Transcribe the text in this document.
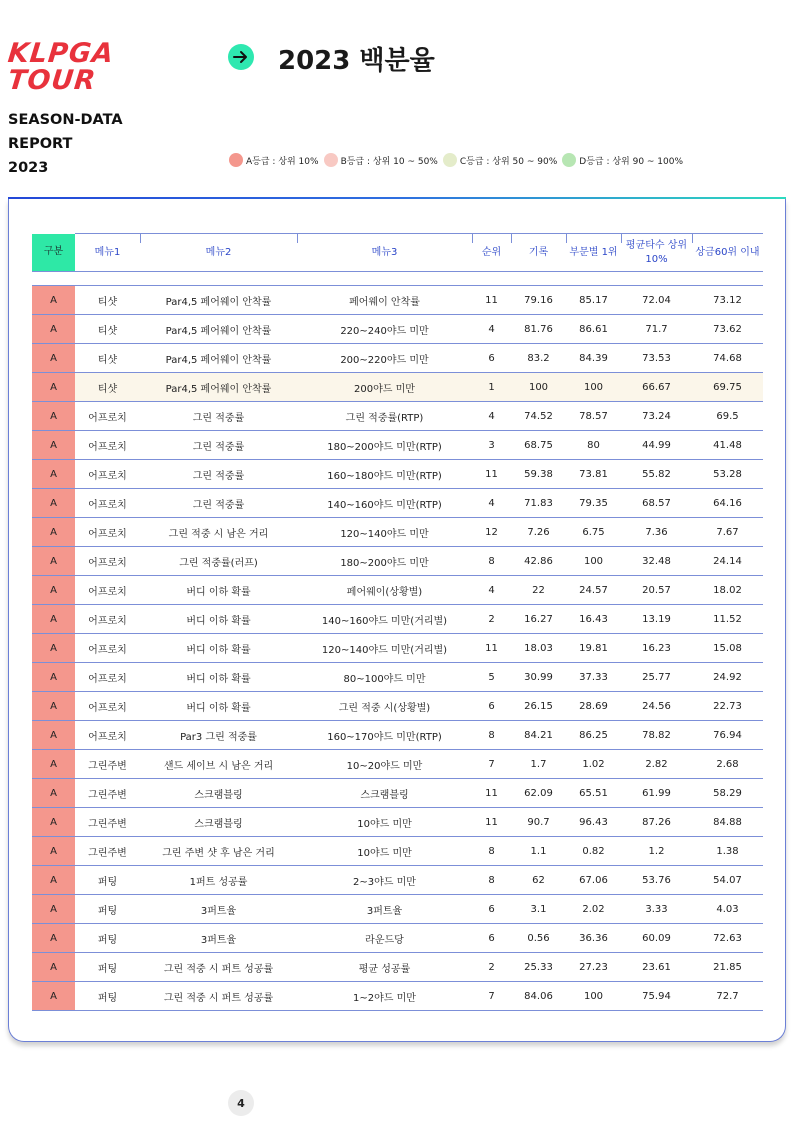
KLPGA
TOUR
SEASON-DATA
REPORT
2023
2023 백분율
A등급 : 상위 10% B등급 : 상위 10 ~ 50% C등급 : 상위 50 ~ 90% D등급 : 상위 90 ~ 100%
구분	메뉴1	메뉴2	메뉴3	순위	기록	부문별 1위	평균타수 상위10%	상금60위 이내

A	티샷	Par4,5 페어웨이 안착률	페어웨이 안착률	11	79.16	85.17	72.04	73.12
A	티샷	Par4,5 페어웨이 안착률	220~240야드 미만	4	81.76	86.61	71.7	73.62
A	티샷	Par4,5 페어웨이 안착률	200~220야드 미만	6	83.2	84.39	73.53	74.68
A	티샷	Par4,5 페어웨이 안착률	200야드 미만	1	100	100	66.67	69.75
A	어프로치	그린 적중률	그린 적중률(RTP)	4	74.52	78.57	73.24	69.5
A	어프로치	그린 적중률	180~200야드 미만(RTP)	3	68.75	80	44.99	41.48
A	어프로치	그린 적중률	160~180야드 미만(RTP)	11	59.38	73.81	55.82	53.28
A	어프로치	그린 적중률	140~160야드 미만(RTP)	4	71.83	79.35	68.57	64.16
A	어프로치	그린 적중 시 남은 거리	120~140야드 미만	12	7.26	6.75	7.36	7.67
A	어프로치	그린 적중률(러프)	180~200야드 미만	8	42.86	100	32.48	24.14
A	어프로치	버디 이하 확률	페어웨이(상황별)	4	22	24.57	20.57	18.02
A	어프로치	버디 이하 확률	140~160야드 미만(거리별)	2	16.27	16.43	13.19	11.52
A	어프로치	버디 이하 확률	120~140야드 미만(거리별)	11	18.03	19.81	16.23	15.08
A	어프로치	버디 이하 확률	80~100야드 미만	5	30.99	37.33	25.77	24.92
A	어프로치	버디 이하 확률	그린 적중 시(상황별)	6	26.15	28.69	24.56	22.73
A	어프로치	Par3 그린 적중률	160~170야드 미만(RTP)	8	84.21	86.25	78.82	76.94
A	그린주변	샌드 세이브 시 남은 거리	10~20야드 미만	7	1.7	1.02	2.82	2.68
A	그린주변	스크램블링	스크램블링	11	62.09	65.51	61.99	58.29
A	그린주변	스크램블링	10야드 미만	11	90.7	96.43	87.26	84.88
A	그린주변	그린 주변 샷 후 남은 거리	10야드 미만	8	1.1	0.82	1.2	1.38
A	퍼팅	1퍼트 성공률	2~3야드 미만	8	62	67.06	53.76	54.07
A	퍼팅	3퍼트율	3퍼트율	6	3.1	2.02	3.33	4.03
A	퍼팅	3퍼트율	라운드당	6	0.56	36.36	60.09	72.63
A	퍼팅	그린 적중 시 퍼트 성공률	평균 성공률	2	25.33	27.23	23.61	21.85
A	퍼팅	그린 적중 시 퍼트 성공률	1~2야드 미만	7	84.06	100	75.94	72.7
4
